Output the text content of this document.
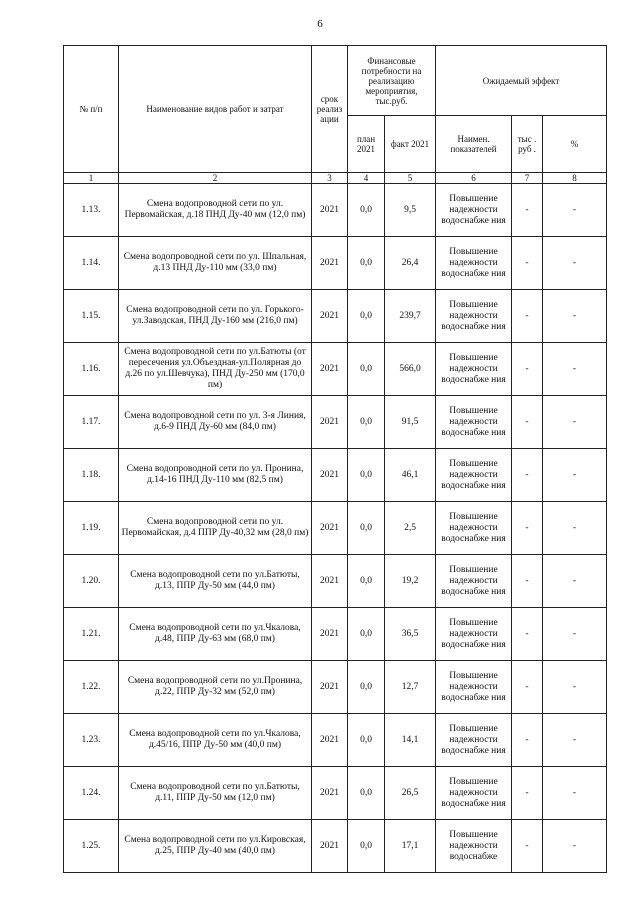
6
№ п/п	Наименование видов работ и затрат	срок реализ ации	Финансовые потребности на реализацию мероприятия, тыс.руб.		Ожидаемый эффект		
			план 2021	факт 2021	Наимен. показателей	тыс . руб .	%
1	2	3	4	5	6	7	8
1.13.	Смена водопроводной сети по ул. Первомайская, д.18 ПНД Ду-40 мм (12,0 пм)	2021	0,0	9,5	Повышение надежности водоснабже ния	-	-
1.14.	Смена водопроводной сети по ул. Шпальная, д.13 ПНД Ду-110 мм (33,0 пм)	2021	0,0	26,4	Повышение надежности водоснабже ния	-	-
1.15.	Смена водопроводной сети по ул. Горького-ул.Заводская, ПНД Ду-160 мм (216,0 пм)	2021	0,0	239,7	Повышение надежности водоснабже ния	-	-
1.16.	Смена водопроводной сети по ул.Батюты (от пересечения ул.Объездная-ул.Полярная до д.26 по ул.Шевчука), ПНД Ду-250 мм (170,0 пм)	2021	0,0	566,0	Повышение надежности водоснабже ния	-	-
1.17.	Смена водопроводной сети по ул. 3-я Линия, д.6-9 ПНД Ду-60 мм (84,0 пм)	2021	0,0	91,5	Повышение надежности водоснабже ния	-	-
1.18.	Смена водопроводной сети по ул. Пронина, д.14-16 ПНД Ду-110 мм (82,5 пм)	2021	0,0	46,1	Повышение надежности водоснабже ния	-	-
1.19.	Смена водопроводной сети по ул. Первомайская, д.4 ППР Ду-40,32 мм (28,0 пм)	2021	0,0	2,5	Повышение надежности водоснабже ния	-	-
1.20.	Смена водопроводной сети по ул.Батюты, д.13, ППР Ду-50 мм (44,0 пм)	2021	0,0	19,2	Повышение надежности водоснабже ния	-	-
1.21.	Смена водопроводной сети по ул.Чкалова, д.48, ППР Ду-63 мм (68,0 пм)	2021	0,0	36,5	Повышение надежности водоснабже ния	-	-
1.22.	Смена водопроводной сети по ул.Пронина, д.22, ППР Ду-32 мм (52,0 пм)	2021	0,0	12,7	Повышение надежности водоснабже ния	-	-
1.23.	Смена водопроводной сети по ул.Чкалова, д.45/16, ППР Ду-50 мм (40,0 пм)	2021	0,0	14,1	Повышение надежности водоснабже ния	-	-
1.24.	Смена водопроводной сети по ул.Батюты, д.11, ППР Ду-50 мм (12,0 пм)	2021	0,0	26,5	Повышение надежности водоснабже ния	-	-
1.25.	Смена водопроводной сети по ул.Кировская, д.25, ППР Ду-40 мм (40,0 пм)	2021	0,0	17,1	Повышение надежности водоснабже	-	-
